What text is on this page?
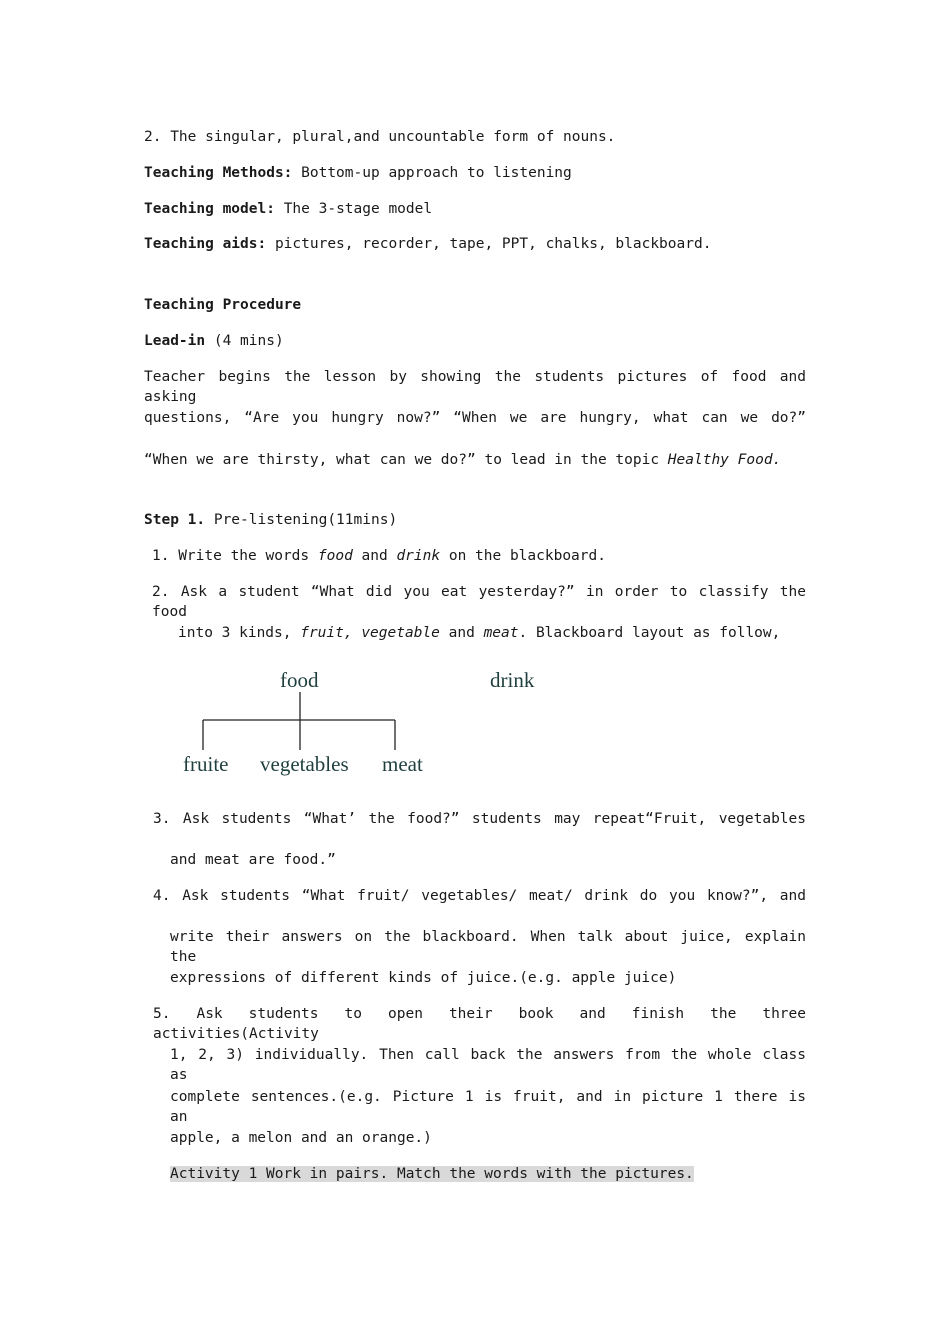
2. The singular, plural,and uncountable form of nouns.
Teaching Methods: Bottom-up approach to listening
Teaching model: The 3-stage model
Teaching aids: pictures, recorder, tape, PPT, chalks, blackboard.
Teaching Procedure
Lead-in (4 mins)
Teacher begins the lesson by showing the students pictures of food and asking
questions, “Are you hungry now?” “When we are hungry, what can we do?”
“When we are thirsty, what can we do?” to lead in the topic Healthy Food.
Step 1. Pre-listening(11mins)
1. Write the words food and drink on the blackboard.
2. Ask a student “What did you eat yesterday?” in order to classify the food
into 3 kinds, fruit, vegetable and meat. Blackboard layout as follow,
food	drink
fruite vegetables meat
3. Ask students “What’ the food?” students may repeat“Fruit, vegetables
and meat are food.”
4. Ask students “What fruit/ vegetables/ meat/ drink do you know?”, and
write their answers on the blackboard. When talk about juice, explain the
expressions of different kinds of juice.(e.g. apple juice)
5. Ask students to open their book and finish the three activities(Activity
1, 2, 3) individually. Then call back the answers from the whole class as
complete sentences.(e.g. Picture 1 is fruit, and in picture 1 there is an
apple, a melon and an orange.)
Activity 1 Work in pairs. Match the words with the pictures.
